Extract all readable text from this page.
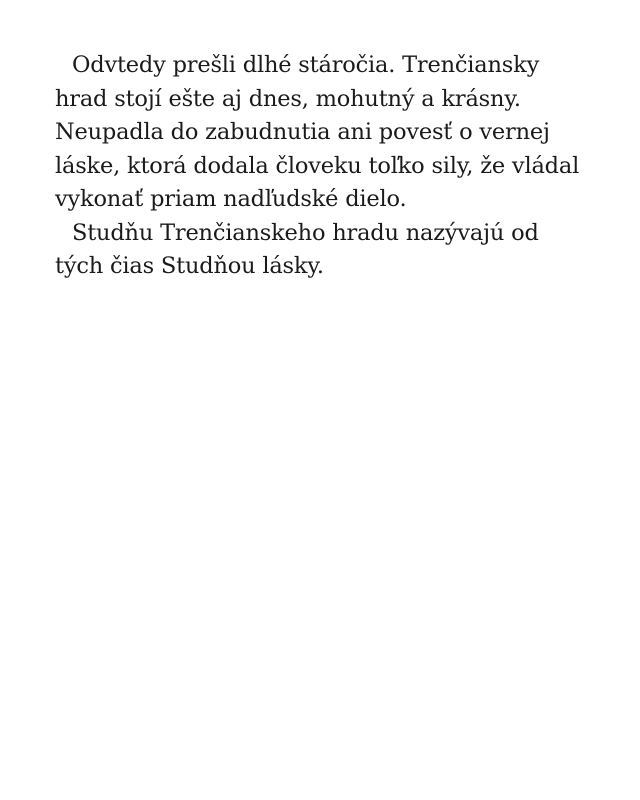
Odvtedy prešli dlhé stáročia. Trenčiansky
hrad stojí ešte aj dnes, mohutný a krásny.
Neupadla do zabudnutia ani povesť o vernej
láske, ktorá dodala človeku toľko sily, že vládal
vykonať priam nadľudské dielo.
Studňu Trenčianskeho hradu nazývajú od
tých čias Studňou lásky.
